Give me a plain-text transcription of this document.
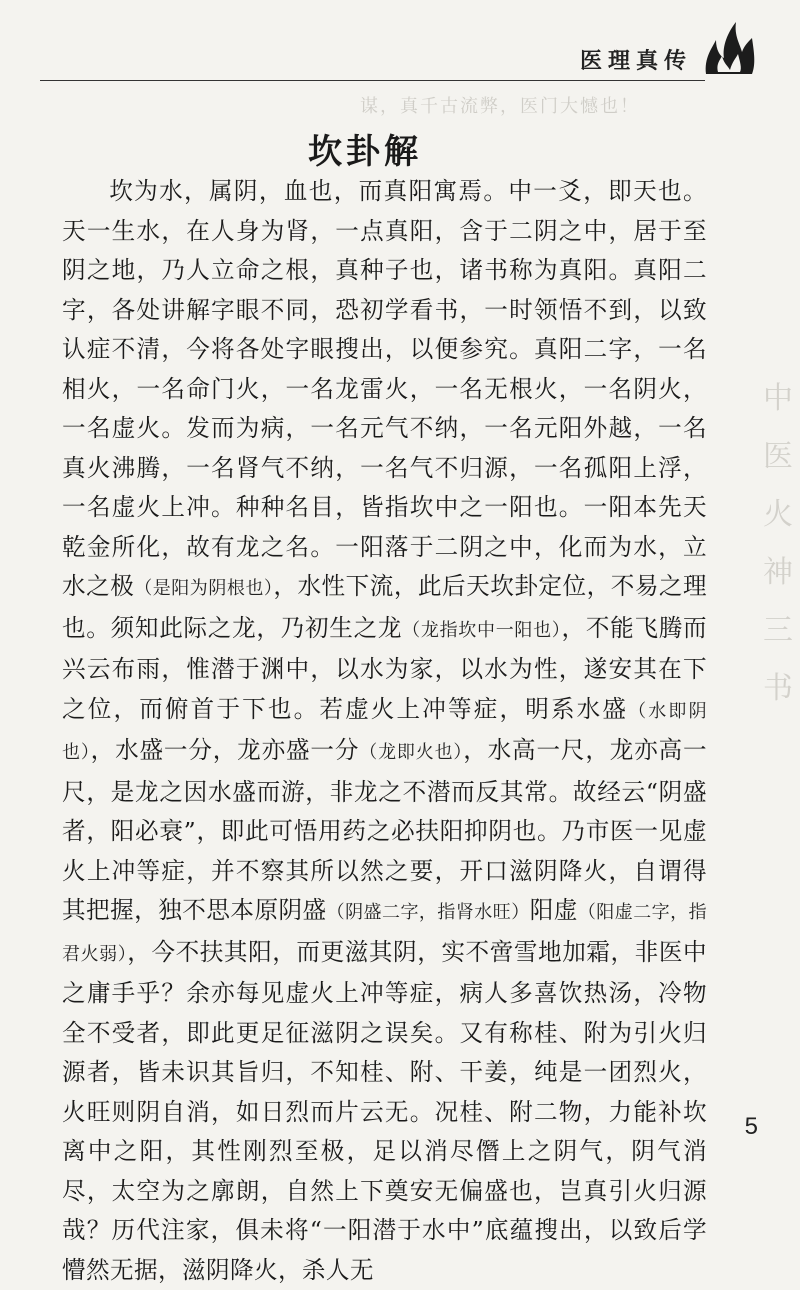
谋，真千古流弊，医门大憾也！
中医火神三书
医理真传
坎卦解
坎为水，属阴，血也，而真阳寓焉。中一爻，即天也。天一生水，在人身为肾，一点真阳，含于二阴之中，居于至阴之地，乃人立命之根，真种子也，诸书称为真阳。真阳二字，各处讲解字眼不同，恐初学看书，一时领悟不到，以致认症不清，今将各处字眼搜出，以便参究。真阳二字，一名相火，一名命门火，一名龙雷火，一名无根火，一名阴火，一名虚火。发而为病，一名元气不纳，一名元阳外越，一名真火沸腾，一名肾气不纳，一名气不归源，一名孤阳上浮，一名虚火上冲。种种名目，皆指坎中之一阳也。一阳本先天乾金所化，故有龙之名。一阳落于二阴之中，化而为水，立水之极（是阳为阴根也），水性下流，此后天坎卦定位，不易之理也。须知此际之龙，乃初生之龙（龙指坎中一阳也），不能飞腾而兴云布雨，惟潜于渊中，以水为家，以水为性，遂安其在下之位，而俯首于下也。若虚火上冲等症，明系水盛（水即阴也），水盛一分，龙亦盛一分（龙即火也），水高一尺，龙亦高一尺，是龙之因水盛而游，非龙之不潜而反其常。故经云“阴盛者，阳必衰”，即此可悟用药之必扶阳抑阴也。乃市医一见虚火上冲等症，并不察其所以然之要，开口滋阴降火，自谓得其把握，独不思本原阴盛（阴盛二字，指肾水旺）阳虚（阳虚二字，指君火弱），今不扶其阳，而更滋其阴，实不啻雪地加霜，非医中之庸手乎？余亦每见虚火上冲等症，病人多喜饮热汤，冷物全不受者，即此更足征滋阴之误矣。又有称桂、附为引火归源者，皆未识其旨归，不知桂、附、干姜，纯是一团烈火，火旺则阴自消，如日烈而片云无。况桂、附二物，力能补坎离中之阳，其性刚烈至极，足以消尽僭上之阴气，阴气消尽，太空为之廓朗，自然上下奠安无偏盛也，岂真引火归源哉？历代注家，俱未将“一阳潜于水中”底蕴搜出，以致后学懵然无据，滋阴降火，杀人无
5
